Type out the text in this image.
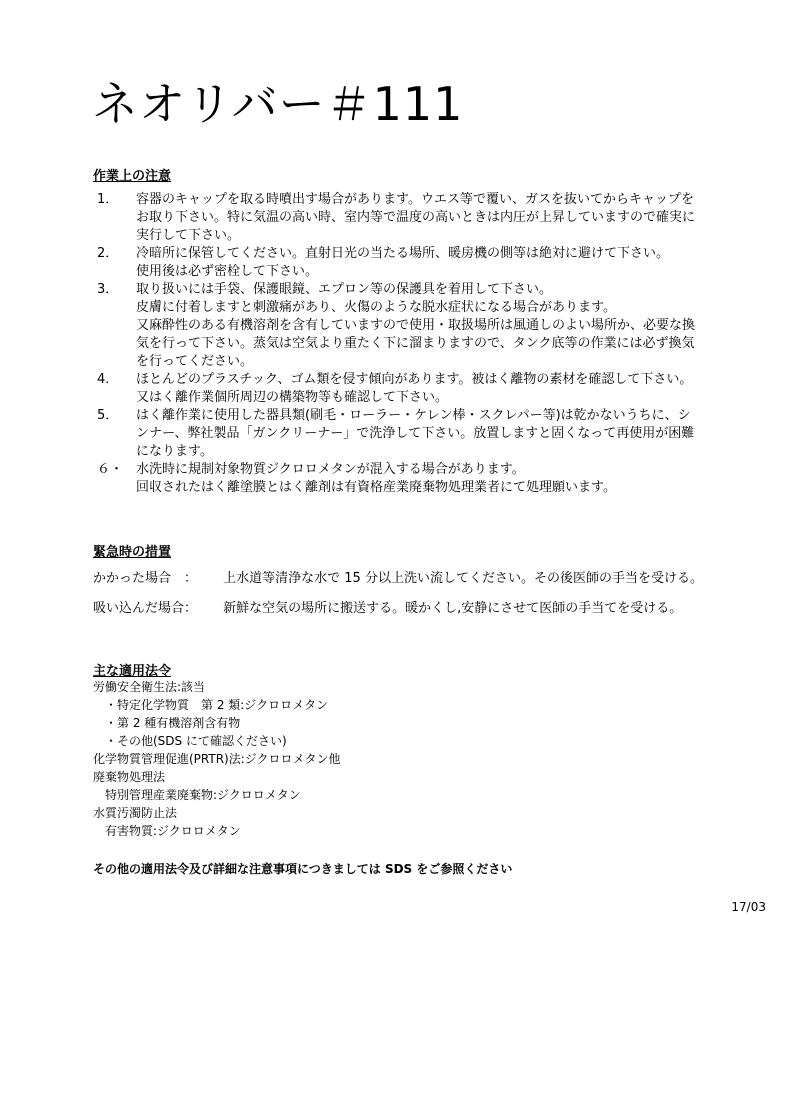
ネオリバー＃111
作業上の注意
1． 容器のキャップを取る時噴出す場合があります。ウエス等で覆い、ガスを抜いてからキャップを
お取り下さい。特に気温の高い時、室内等で温度の高いときは内圧が上昇していますので確実に
実行して下さい。
2． 冷暗所に保管してください。直射日光の当たる場所、暖房機の側等は絶対に避けて下さい。
使用後は必ず密栓して下さい。
3． 取り扱いには手袋、保護眼鏡、エプロン等の保護具を着用して下さい。
皮膚に付着しますと刺激痛があり、火傷のような脱水症状になる場合があります。
又麻酔性のある有機溶剤を含有していますので使用・取扱場所は風通しのよい場所か、必要な換
気を行って下さい。蒸気は空気より重たく下に溜まりますので、タンク底等の作業には必ず換気
を行ってください。
4． ほとんどのプラスチック、ゴム類を侵す傾向があります。被はく離物の素材を確認して下さい。
又はく離作業個所周辺の構築物等も確認して下さい。
5． はく離作業に使用した器具類(刷毛・ローラー・ケレン棒・スクレパー等)は乾かないうちに、シ
ンナー、弊社製品「ガンクリーナー」で洗浄して下さい。放置しますと固くなって再使用が困難
になります。
６・ 水洗時に規制対象物質ジクロロメタンが混入する場合があります。
回収されたはく離塗膜とはく離剤は有資格産業廃棄物処理業者にて処理願います。
緊急時の措置
かかった場合　： 上水道等清浄な水で 15 分以上洗い流してください。その後医師の手当を受ける。
吸い込んだ場合： 新鮮な空気の場所に搬送する。暖かくし,安静にさせて医師の手当てを受ける。
主な適用法令
労働安全衛生法:該当
　・特定化学物質　第 2 類:ジクロロメタン
　・第 2 種有機溶剤含有物
　・その他(SDS にて確認ください)
化学物質管理促進(PRTR)法:ジクロロメタン他
廃棄物処理法
　特別管理産業廃棄物:ジクロロメタン
水質汚濁防止法
　有害物質:ジクロロメタン
その他の適用法令及び詳細な注意事項につきましては SDS をご参照ください
17/03
